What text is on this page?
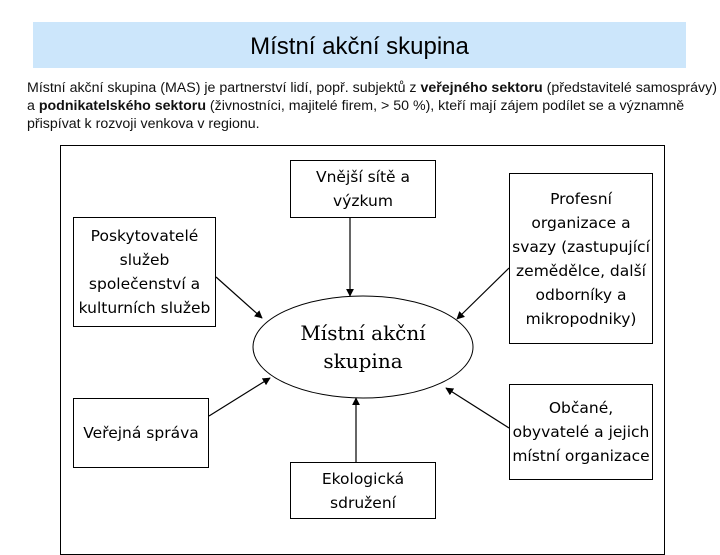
Místní akční skupina
Místní akční skupina (MAS) je partnerství lidí, popř. subjektů z veřejného sektoru (představitelé samosprávy) a podnikatelského sektoru (živnostníci, majitelé firem, > 50 %), kteří mají zájem podílet se a významně přispívat k rozvoji venkova v regionu.
Vnější sítě a
výzkum
Poskytovatelé
služeb
společenství a
kulturních služeb
Profesní
organizace a
svazy (zastupující
zemědělce, další
odborníky a
mikropodniky)
Veřejná správa
Ekologická
sdružení
Občané,
obyvatelé a jejich
místní organizace
Místní akční
skupina
